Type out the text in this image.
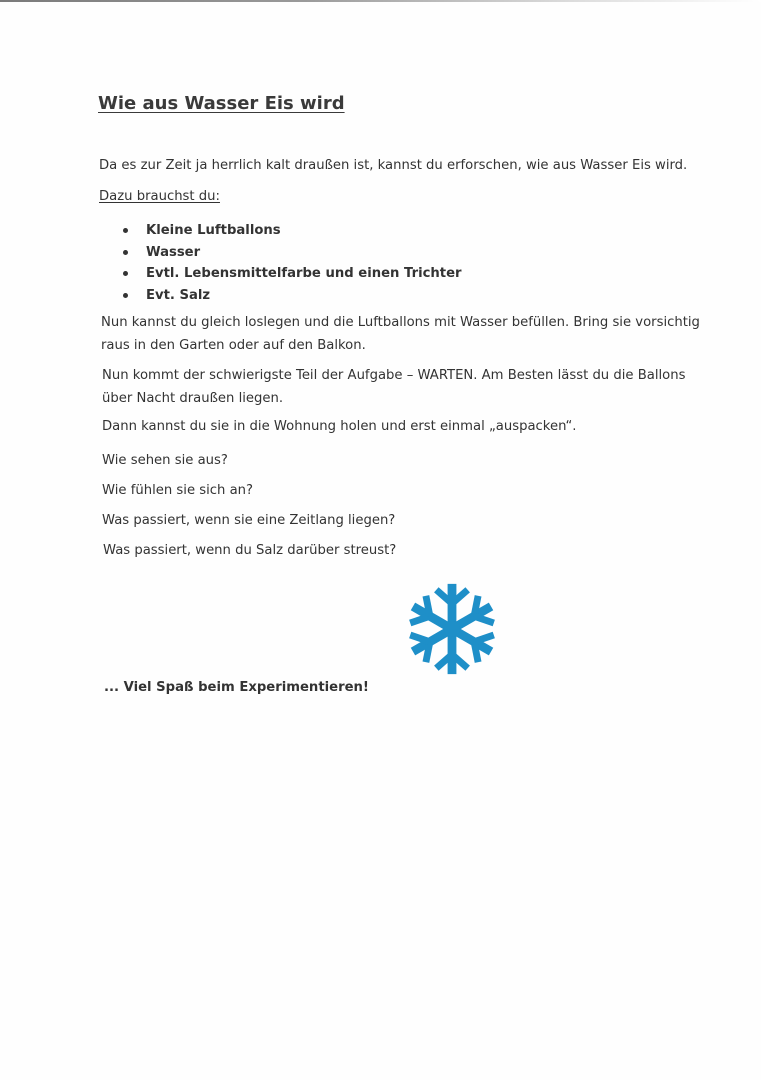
Wie aus Wasser Eis wird
Da es zur Zeit ja herrlich kalt draußen ist, kannst du erforschen, wie aus Wasser Eis wird.
Dazu brauchst du:
Kleine Luftballons
Wasser
Evtl. Lebensmittelfarbe und einen Trichter
Evt. Salz
Nun kannst du gleich loslegen und die Luftballons mit Wasser befüllen. Bring sie vorsichtig
raus in den Garten oder auf den Balkon.
Nun kommt der schwierigste Teil der Aufgabe – WARTEN. Am Besten lässt du die Ballons
über Nacht draußen liegen.
Dann kannst du sie in die Wohnung holen und erst einmal „auspacken“.
Wie sehen sie aus?
Wie fühlen sie sich an?
Was passiert, wenn sie eine Zeitlang liegen?
Was passiert, wenn du Salz darüber streust?
... Viel Spaß beim Experimentieren!
